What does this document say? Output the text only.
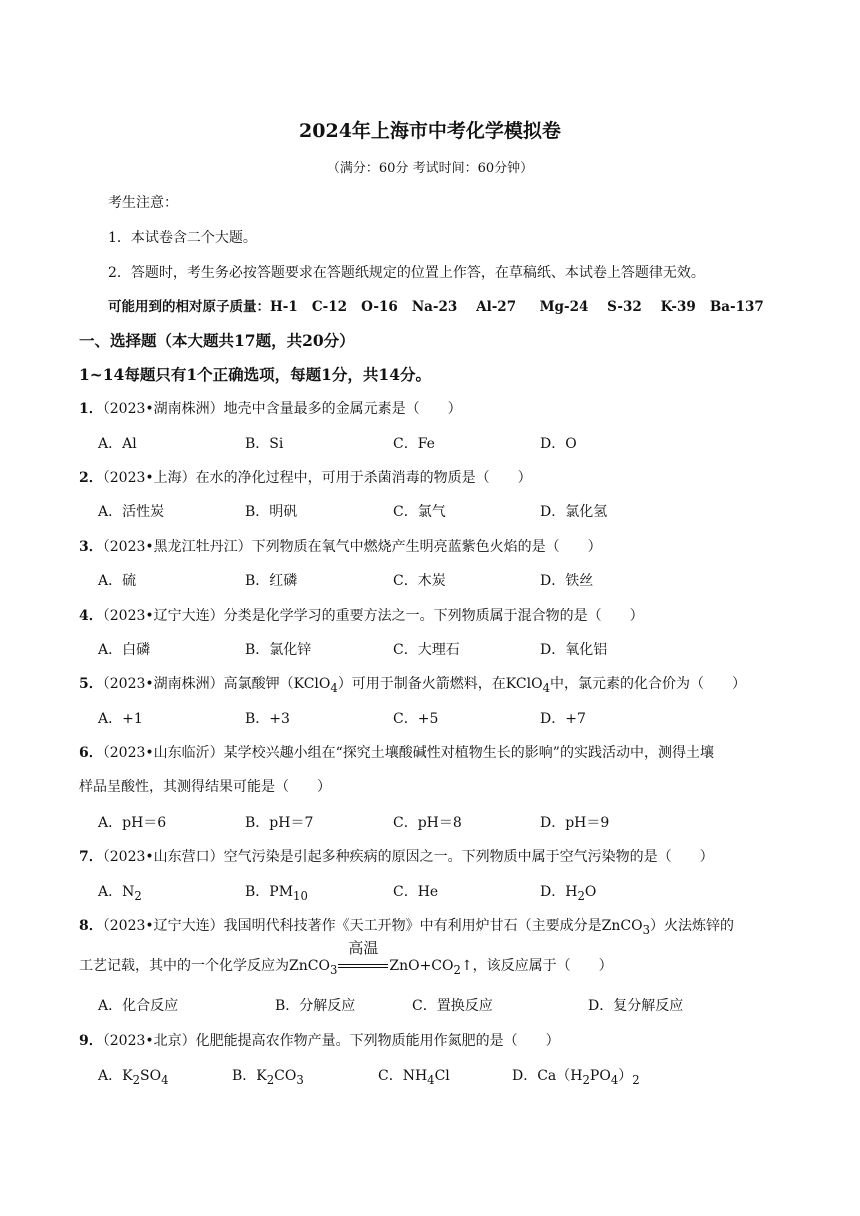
2024年上海市中考化学模拟卷
（满分：60分 考试时间：60分钟）
考生注意：
1．本试卷含二个大题。
2．答题时，考生务必按答题要求在答题纸规定的位置上作答，在草稿纸、本试卷上答题律无效。
可能用到的相对原子质量：H-1   C-12   O-16   Na-23    Al-27     Mg-24    S-32    K-39   Ba-137
一、选择题（本大题共17题，共20分）
1~14每题只有1个正确选项，每题1分，共14分。
1．（2023•湖南株洲）地壳中含量最多的金属元素是（　　）
A．Al	B．Si	C．Fe	D．O
2．（2023•上海）在水的净化过程中，可用于杀菌消毒的物质是（　　）
A．活性炭	B．明矾	C．氯气	D．氯化氢
3．（2023•黑龙江牡丹江）下列物质在氧气中燃烧产生明亮蓝紫色火焰的是（　　）
A．硫	B．红磷	C．木炭	D．铁丝
4．（2023•辽宁大连）分类是化学学习的重要方法之一。下列物质属于混合物的是（　　）
A．白磷	B．氯化锌	C．大理石	D．氧化铝
5．（2023•湖南株洲）高氯酸钾（KClO$_4$）可用于制备火箭燃料，在KClO$_4$中，氯元素的化合价为（　　）
A．+1	B．+3	C．+5	D．+7
6．（2023•山东临沂）某学校兴趣小组在“探究土壤酸碱性对植物生长的影响”的实践活动中，测得土壤
样品呈酸性，其测得结果可能是（　　）
A．pH＝6	B．pH＝7	C．pH＝8	D．pH＝9
7．（2023•山东营口）空气污染是引起多种疾病的原因之一。下列物质中属于空气污染物的是（　　）
A．$N_2$	B．$PM_{10}$	C．He	D．$H_2O$
8．（2023•辽宁大连）我国明代科技著作《天工开物》中有利用炉甘石（主要成分是ZnCO$_3$）火法炼锌的
工艺记载，其中的一个化学反应为ZnCO$_3$
高温
$ZnO+CO_2↑$，该反应属于（　　）
A．化合反应	B．分解反应	C．置换反应	D．复分解反应
9．（2023•北京）化肥能提高农作物产量。下列物质能用作氮肥的是（　　）
A．$K_2SO_4$	B．$K_2CO_3$	C．$NH_4Cl$	D．$Ca(H_2PO_4)_2$
